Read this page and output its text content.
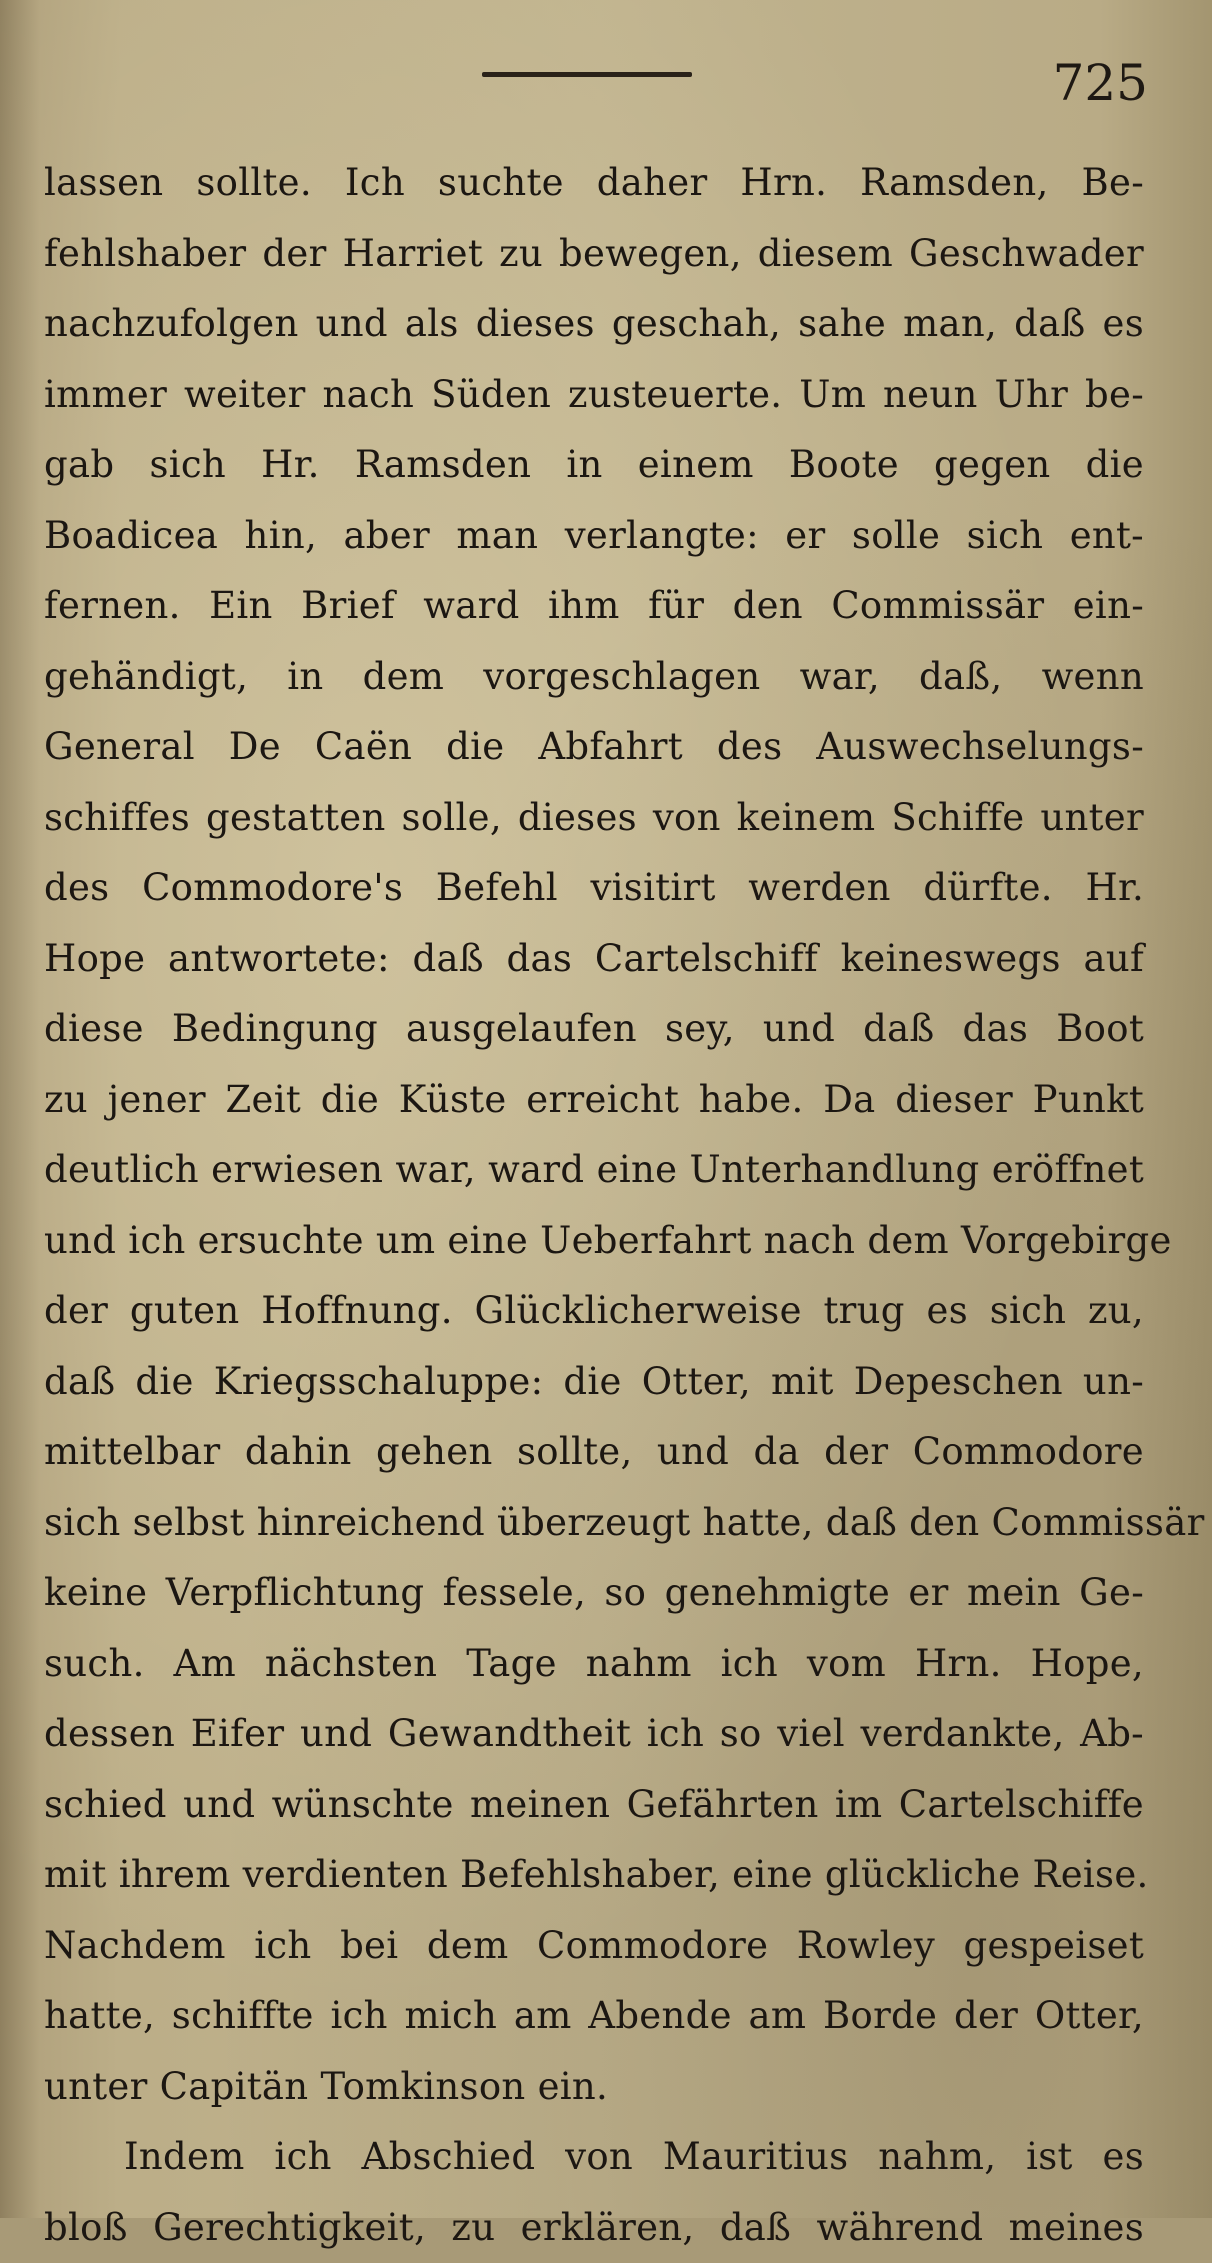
725
lassen sollte. Ich suchte daher Hrn. Ramsden, Be-
fehlshaber der Harriet zu bewegen, diesem Geschwader
nachzufolgen und als dieses geschah, sahe man, daß es
immer weiter nach Süden zusteuerte. Um neun Uhr be-
gab sich Hr. Ramsden in einem Boote gegen die
Boadicea hin, aber man verlangte: er solle sich ent-
fernen. Ein Brief ward ihm für den Commissär ein-
gehändigt, in dem vorgeschlagen war, daß, wenn
General De Caën die Abfahrt des Auswechselungs-
schiffes gestatten solle, dieses von keinem Schiffe unter
des Commodore's Befehl visitirt werden dürfte. Hr.
Hope antwortete: daß das Cartelschiff keineswegs auf
diese Bedingung ausgelaufen sey, und daß das Boot
zu jener Zeit die Küste erreicht habe. Da dieser Punkt
deutlich erwiesen war, ward eine Unterhandlung eröffnet
und ich ersuchte um eine Ueberfahrt nach dem Vorgebirge
der guten Hoffnung. Glücklicherweise trug es sich zu,
daß die Kriegsschaluppe: die Otter, mit Depeschen un-
mittelbar dahin gehen sollte, und da der Commodore
sich selbst hinreichend überzeugt hatte, daß den Commissär
keine Verpflichtung fessele, so genehmigte er mein Ge-
such. Am nächsten Tage nahm ich vom Hrn. Hope,
dessen Eifer und Gewandtheit ich so viel verdankte, Ab-
schied und wünschte meinen Gefährten im Cartelschiffe
mit ihrem verdienten Befehlshaber, eine glückliche Reise.
Nachdem ich bei dem Commodore Rowley gespeiset
hatte, schiffte ich mich am Abende am Borde der Otter,
unter Capitän Tomkinson ein.
Indem ich Abschied von Mauritius nahm, ist es
bloß Gerechtigkeit, zu erklären, daß während meines
